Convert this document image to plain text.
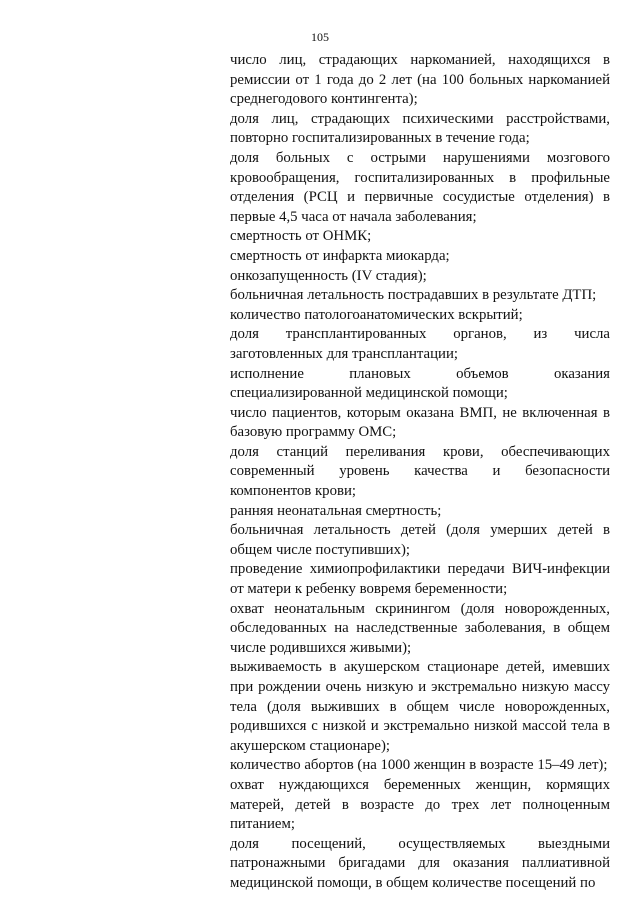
105

число лиц, страдающих наркоманией, находящихся в ремиссии от 1 года до 2 лет (на 100 больных наркоманией среднегодового контингента);

доля лиц, страдающих психическими расстройствами, повторно госпитализированных в течение года;

доля больных с острыми нарушениями мозгового кровообращения, госпитализированных в профильные отделения (РСЦ и первичные сосудистые отделения) в первые 4,5 часа от начала заболевания;

смертность от ОНМК;

смертность от инфаркта миокарда;

онкозапущенность (IV стадия);

больничная летальность пострадавших в результате ДТП;

количество патологоанатомических вскрытий;

доля трансплантированных органов, из числа заготовленных для трансплантации;

исполнение плановых объемов оказания специализированной медицинской помощи;

число пациентов, которым оказана ВМП, не включенная в базовую программу ОМС;

доля станций переливания крови, обеспечивающих современный уровень качества и безопасности компонентов крови;

ранняя неонатальная смертность;

больничная летальность детей (доля умерших детей в общем числе поступивших);

проведение химиопрофилактики передачи ВИЧ-инфекции от матери к ребенку вовремя беременности;

охват неонатальным скринингом (доля новорожденных, обследованных на наследственные заболевания, в общем числе родившихся живыми);

выживаемость в акушерском стационаре детей, имевших при рождении очень низкую и экстремально низкую массу тела (доля выживших в общем числе новорожденных, родившихся с низкой и экстремально низкой массой тела в акушерском стационаре);

количество абортов (на 1000 женщин в возрасте 15–49 лет);

охват нуждающихся беременных женщин, кормящих матерей, детей в возрасте до трех лет полноценным питанием;

доля посещений, осуществляемых выездными патронажными бригадами для оказания паллиативной медицинской помощи, в общем количестве посещений по
